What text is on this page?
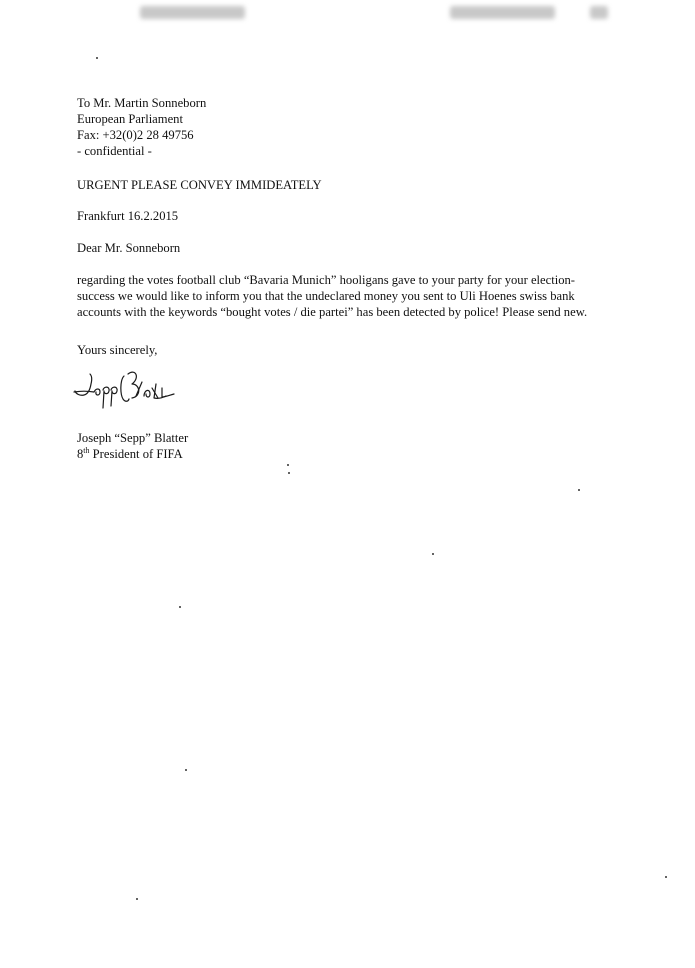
To Mr. Martin Sonneborn
European Parliament
Fax: +32(0)2 28 49756
- confidential -
URGENT PLEASE CONVEY IMMIDEATELY
Frankfurt 16.2.2015
Dear Mr. Sonneborn
regarding the votes football club “Bavaria Munich” hooligans gave to your party for your election-
success we would like to inform you that the undeclared money you sent to Uli Hoenes swiss bank
accounts with the keywords “bought votes / die partei” has been detected by police! Please send new.
Yours sincerely,
Joseph “Sepp” Blatter
8th President of FIFA
